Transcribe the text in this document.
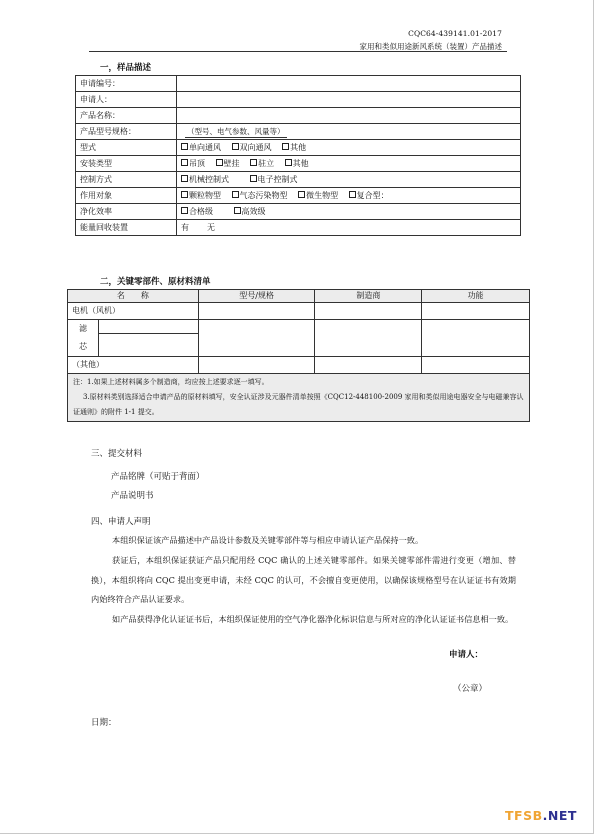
CQC64-439141.01-2017
家用和类似用途新风系统（装置）产品描述
一，样品描述
申请编号：	
申请人：	
产品名称：	
产品型号规格：	（型号、电气参数、风量等）
型式	单向通风 双向通风 其他
安装类型	吊顶 壁挂 驻立 其他
控制方式	机械控制式 电子控制式
作用对象	颗粒物型 气态污染物型 微生物型 复合型：
净化效率	合格级 高效级
能量回收装置	有 无
二，关键零部件、原材料清单
名　　称		型号/规格	制造商	功能
电机（风机）				

滤
芯				

（其他）				

注：1.如果上述材料属多个制造商，均应按上述要求逐一填写。
3.原材料类别选择适合申请产品的原材料填写，安全认证涉及元器件清单按照《CQC12-448100-2009 家用和类似用途电器安全与电磁兼容认证通则》的附件 1-1 提交。				
三、提交材料
产品铭牌（可贴于背面）
产品说明书
四、申请人声明
本组织保证该产品描述中产品设计参数及关键零部件等与相应申请认证产品保持一致。
获证后，本组织保证获证产品只配用经 CQC 确认的上述关键零部件。如果关键零部件需进行变更（增加、替换），本组织将向 CQC 提出变更申请，未经 CQC 的认可，不会擅自变更使用，以确保该规格型号在认证证书有效期内始终符合产品认证要求。
如产品获得净化认证证书后，本组织保证使用的空气净化器净化标识信息与所对应的净化认证证书信息相一致。
申请人：
（公章）
日期：
TFSB.NET
